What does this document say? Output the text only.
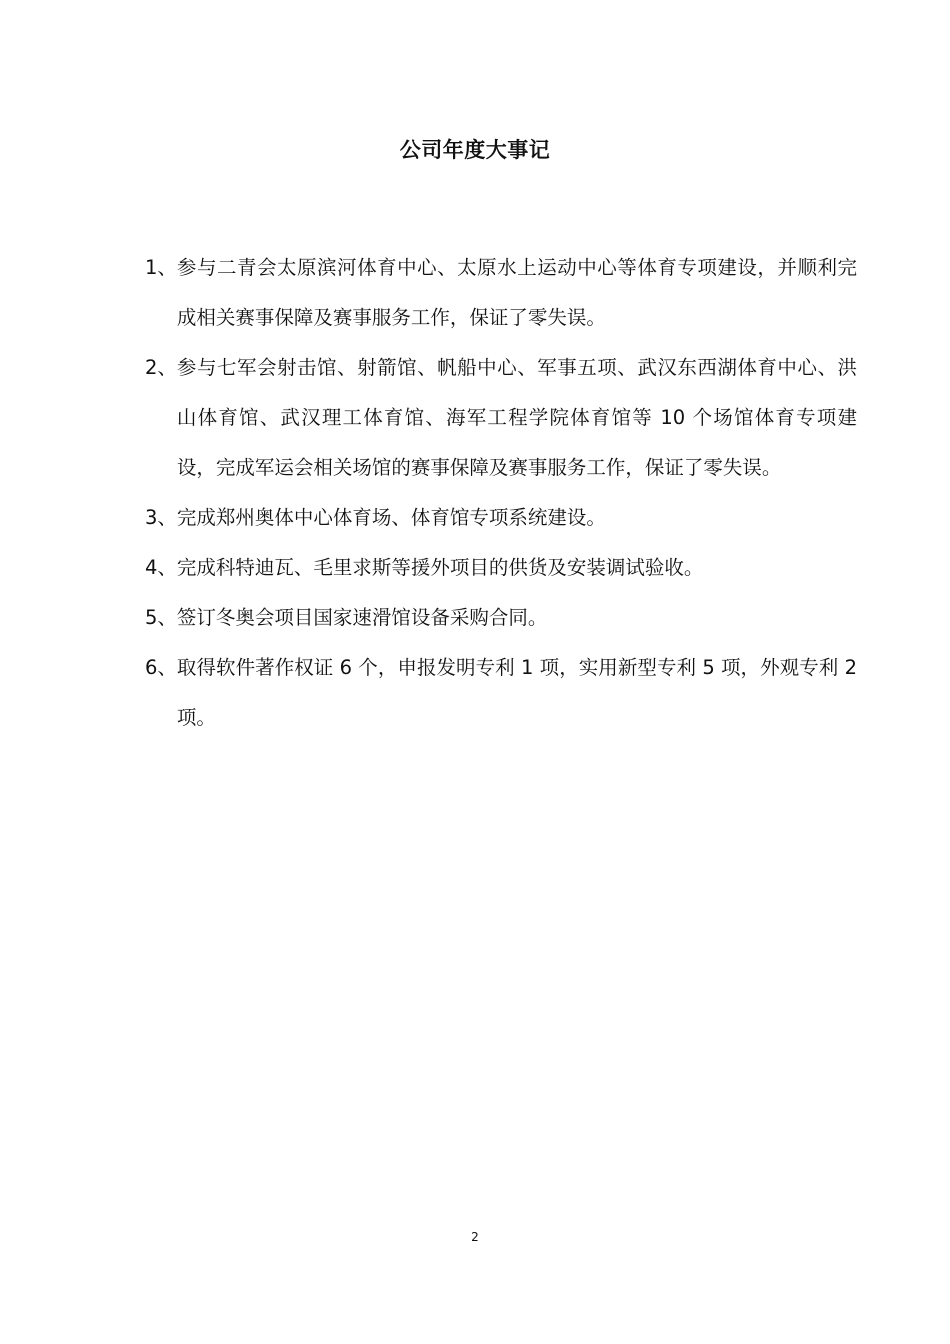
公司年度大事记
1、 参与二青会太原滨河体育中心、太原水上运动中心等体育专项建设，并顺利完成相关赛事保障及赛事服务工作，保证了零失误。
2、 参与七军会射击馆、射箭馆、帆船中心、军事五项、武汉东西湖体育中心、洪山体育馆、武汉理工体育馆、海军工程学院体育馆等 10 个场馆体育专项建设，完成军运会相关场馆的赛事保障及赛事服务工作，保证了零失误。
3、 完成郑州奥体中心体育场、体育馆专项系统建设。
4、 完成科特迪瓦、毛里求斯等援外项目的供货及安装调试验收。
5、 签订冬奥会项目国家速滑馆设备采购合同。
6、 取得软件著作权证 6 个，申报发明专利 1 项，实用新型专利 5 项，外观专利 2 项。
2
